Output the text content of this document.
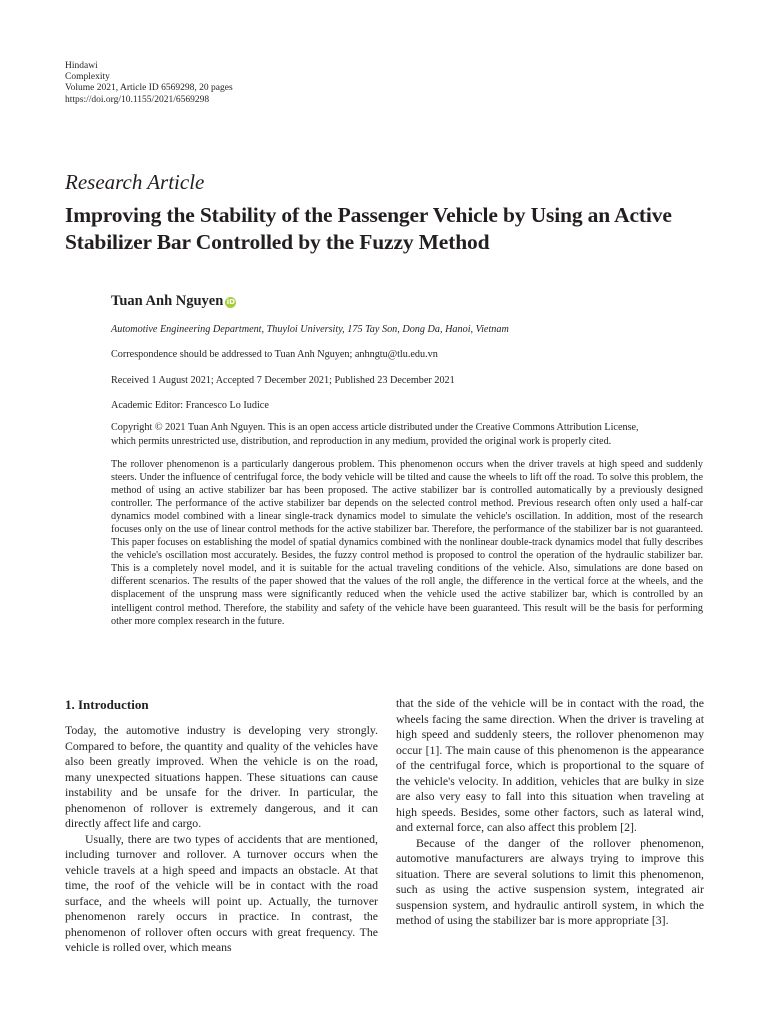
Hindawi
Complexity
Volume 2021, Article ID 6569298, 20 pages
https://doi.org/10.1155/2021/6569298
Research Article
Improving the Stability of the Passenger Vehicle by Using an Active Stabilizer Bar Controlled by the Fuzzy Method
Tuan Anh Nguyen iD
Automotive Engineering Department, Thuyloi University, 175 Tay Son, Dong Da, Hanoi, Vietnam
Correspondence should be addressed to Tuan Anh Nguyen; anhngtu@tlu.edu.vn
Received 1 August 2021; Accepted 7 December 2021; Published 23 December 2021
Academic Editor: Francesco Lo Iudice
Copyright © 2021 Tuan Anh Nguyen. This is an open access article distributed under the Creative Commons Attribution License,
which permits unrestricted use, distribution, and reproduction in any medium, provided the original work is properly cited.

The rollover phenomenon is a particularly dangerous problem. This phenomenon occurs when the driver travels at high speed and suddenly steers. Under the influence of centrifugal force, the body vehicle will be tilted and cause the wheels to lift off the road. To solve this problem, the method of using an active stabilizer bar has been proposed. The active stabilizer bar is controlled automatically by a previously designed controller. The performance of the active stabilizer bar depends on the selected control method. Previous research often only used a half-car dynamics model combined with a linear single-track dynamics model to simulate the vehicle's oscillation. In addition, most of the research focuses only on the use of linear control methods for the active stabilizer bar. Therefore, the performance of the stabilizer bar is not guaranteed. This paper focuses on establishing the model of spatial dynamics combined with the nonlinear double-track dynamics model that fully describes the vehicle's oscillation most accurately. Besides, the fuzzy control method is proposed to control the operation of the hydraulic stabilizer bar. This is a completely novel model, and it is suitable for the actual traveling conditions of the vehicle. Also, simulations are done based on different scenarios. The results of the paper showed that the values of the roll angle, the difference in the vertical force at the wheels, and the displacement of the unsprung mass were significantly reduced when the vehicle used the active stabilizer bar, which is controlled by an intelligent control method. Therefore, the stability and safety of the vehicle have been guaranteed. This result will be the basis for performing other more complex research in the future.

1. Introduction

Today, the automotive industry is developing very strongly. Compared to before, the quantity and quality of the vehicles have also been greatly improved. When the vehicle is on the road, many unexpected situations happen. These situations can cause instability and be unsafe for the driver. In particular, the phenomenon of rollover is extremely dangerous, and it can directly affect life and cargo.

Usually, there are two types of accidents that are mentioned, including turnover and rollover. A turnover occurs when the vehicle travels at a high speed and impacts an obstacle. At that time, the roof of the vehicle will be in contact with the road surface, and the wheels will point up. Actually, the turnover phenomenon rarely occurs in practice. In contrast, the phenomenon of rollover often occurs with great frequency. The vehicle is rolled over, which means

that the side of the vehicle will be in contact with the road, the wheels facing the same direction. When the driver is traveling at high speed and suddenly steers, the rollover phenomenon may occur [1]. The main cause of this phenomenon is the appearance of the centrifugal force, which is proportional to the square of the vehicle's velocity. In addition, vehicles that are bulky in size are also very easy to fall into this situation when traveling at high speeds. Besides, some other factors, such as lateral wind, and external force, can also affect this problem [2].

Because of the danger of the rollover phenomenon, automotive manufacturers are always trying to improve this situation. There are several solutions to limit this phenomenon, such as using the active suspension system, integrated air suspension system, and hydraulic antiroll system, in which the method of using the stabilizer bar is more appropriate [3].
